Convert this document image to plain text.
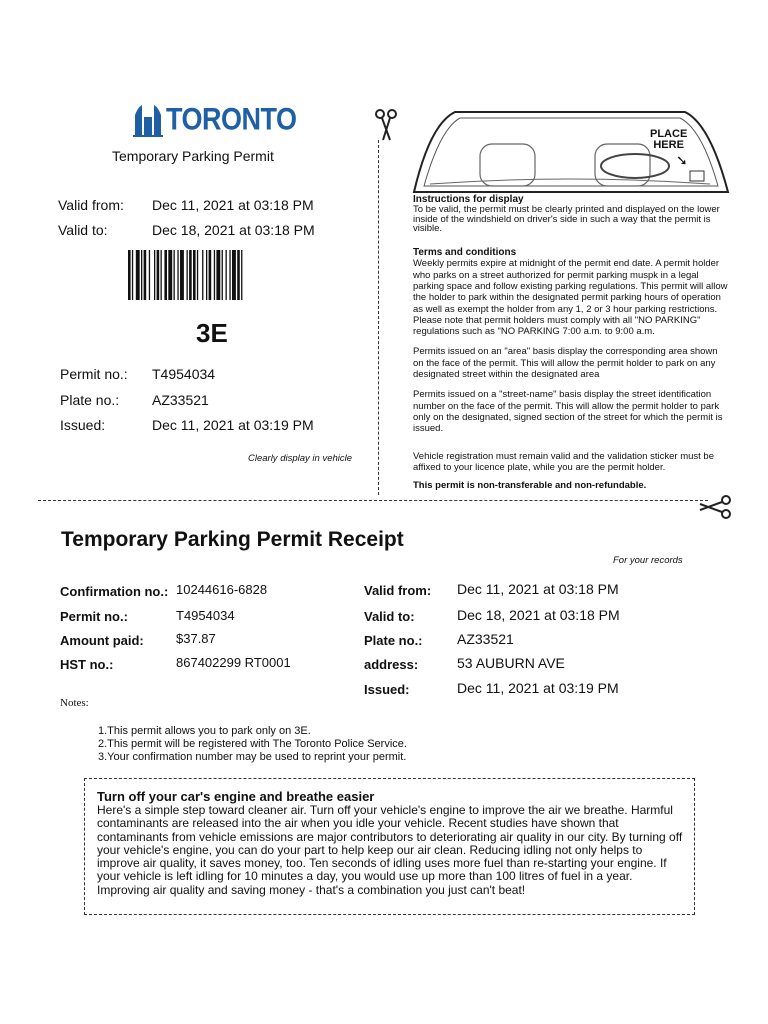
TORONTO
Temporary Parking Permit
Valid from: Dec 11, 2021 at 03:18 PM
Valid to:	Dec 18, 2021 at 03:18 PM
3E
Permit no.: T4954034
Plate no.: AZ33521
Issued:	Dec 11, 2021 at 03:19 PM
Clearly display in vehicle
PLACE
HERE
➘
Instructions for display
To be valid, the permit must be clearly printed and displayed on the lower inside of the windshield on driver's side in such a way that the permit is visible.
Terms and conditions
Weekly permits expire at midnight of the permit end date. A permit holder who parks on a street authorized for permit parking muspk in a legal parking space and follow existing parking regulations. This permit will allow the holder to park within the designated permit parking hours of operation as well as exempt the holder from any 1, 2 or 3 hour parking restrictions. Please note that permit holders must comply with all "NO PARKING" regulations such as "NO PARKING 7:00 a.m. to 9:00 a.m.
Permits issued on an "area" basis display the corresponding area shown on the face of the permit. This will allow the permit holder to park on any designated street within the designated area
Permits issued on a "street-name" basis display the street identification number on the face of the permit. This will allow the permit holder to park only on the designated, signed section of the street for which the permit is issued.
Vehicle registration must remain valid and the validation sticker must be affixed to your licence plate, while you are the permit holder.
This permit is non-transferable and non-refundable.
Temporary Parking Permit Receipt
For your records
Confirmation no.: 10244616-6828
Permit no.:	T4954034
Amount paid: $37.87
HST no.:	867402299 RT0001
Valid from: Dec 11, 2021 at 03:18 PM
Valid to:	Dec 18, 2021 at 03:18 PM
Plate no.: AZ33521
address:	53 AUBURN AVE
Issued:	Dec 11, 2021 at 03:19 PM
Notes:
1.This permit allows you to park only on 3E.
2.This permit will be registered with The Toronto Police Service.
3.Your confirmation number may be used to reprint your permit.
Turn off your car's engine and breathe easier
Here's a simple step toward cleaner air. Turn off your vehicle's engine to improve the air we breathe. Harmful contaminants are released into the air when you idle your vehicle. Recent studies have shown that contaminants from vehicle emissions are major contributors to deteriorating air quality in our city. By turning off your vehicle's engine, you can do your part to help keep our air clean. Reducing idling not only helps to improve air quality, it saves money, too. Ten seconds of idling uses more fuel than re-starting your engine. If your vehicle is left idling for 10 minutes a day, you would use up more than 100 litres of fuel in a year. Improving air quality and saving money - that's a combination you just can't beat!
